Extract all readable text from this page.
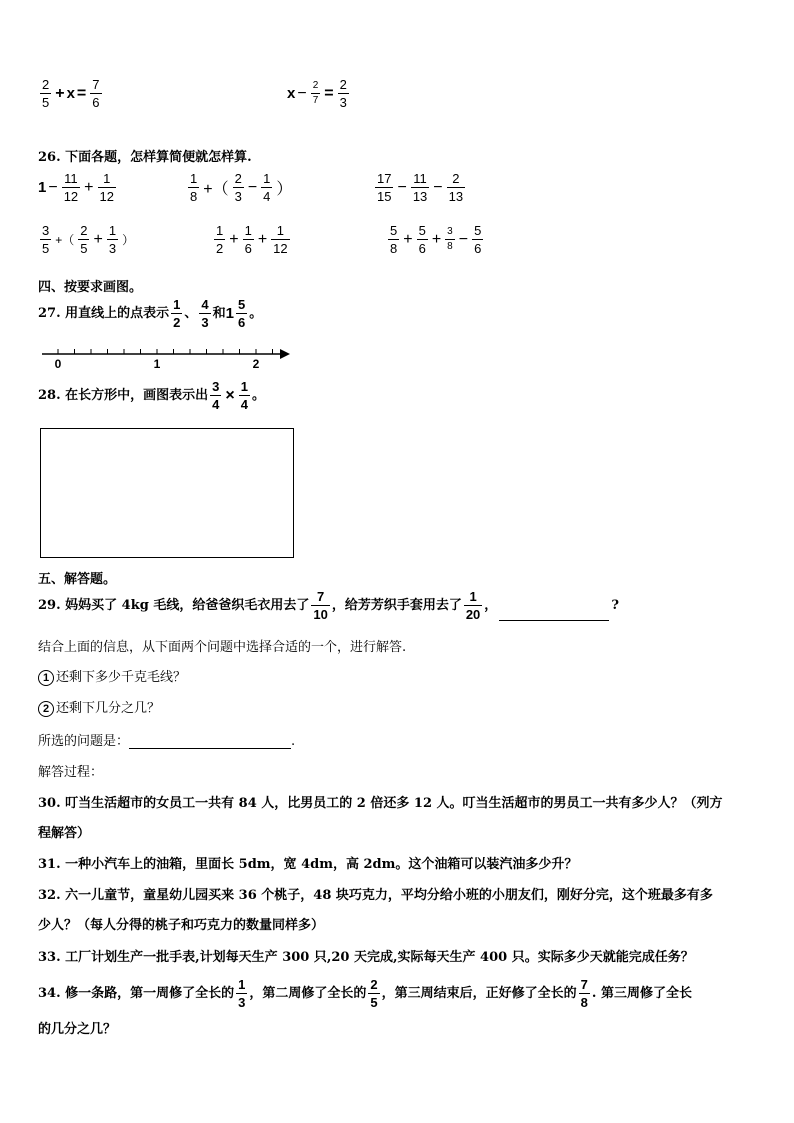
$\frac{2}{5} + x = \frac{7}{6}$	$x - \frac{2}{7} = \frac{2}{3}$
26. 下面各题，怎样算简便就怎样算.
$1 - \frac{11}{12} + \frac{1}{12}$	$\frac{1}{8}$ +（ $\frac{2}{3} - \frac{1}{4}$ ）	$\frac{17}{15} - \frac{11}{13} - \frac{2}{13}$
$\frac{3}{5}$ +（ $\frac{2}{5} + \frac{1}{3}$ ）	$\frac{1}{2} + \frac{1}{6} + \frac{1}{12}$	$\frac{5}{8} + \frac{5}{6} + \frac{3}{8} - \frac{5}{6}$
四、按要求画图。
27. 用直线上的点表示 $\frac{1}{2}$ 、 $\frac{4}{3}$ 和$1 \frac{5}{6}$ 。
0	1	2
28. 在长方形中，画图表示出 $\frac{3}{4} \times \frac{1}{4}$ 。
五、解答题。
29. 妈妈买了 4kg 毛线，给爸爸织毛衣用去了 $\frac{7}{10}$ ，给芳芳织手套用去了 $\frac{1}{20}$ ，	?
结合上面的信息，从下面两个问题中选择合适的一个，进行解答.
1 还剩下多少千克毛线？
2 还剩下几分之几？
所选的问题是：	.
解答过程：
30. 叮当生活超市的女员工一共有 84 人，比男员工的 2 倍还多 12 人。叮当生活超市的男员工一共有多少人？（列方
程解答）
31. 一种小汽车上的油箱，里面长 5dm，宽 4dm，高 2dm。这个油箱可以装汽油多少升？
32. 六一儿童节，童星幼儿园买来 36 个桃子，48 块巧克力，平均分给小班的小朋友们，刚好分完，这个班最多有多
少人？（每人分得的桃子和巧克力的数量同样多）
33. 工厂计划生产一批手表,计划每天生产 300 只,20 天完成,实际每天生产 400 只。实际多少天就能完成任务？
34. 修一条路，第一周修了全长的 $\frac{1}{3}$ ，第二周修了全长的 $\frac{2}{5}$ ，第三周结束后，正好修了全长的 $\frac{7}{8}$ . 第三周修了全长
的几分之几？
